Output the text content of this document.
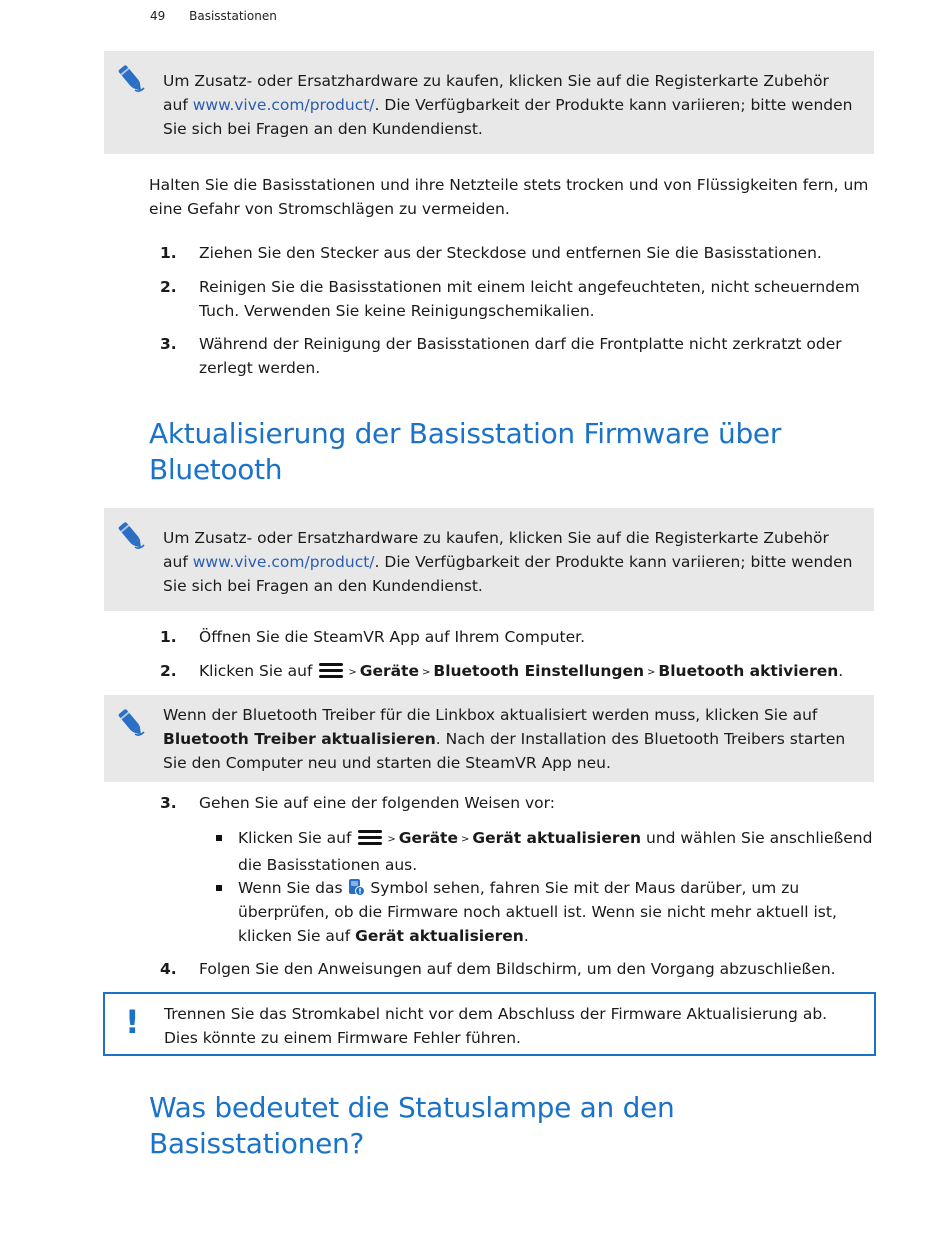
49 Basisstationen
Um Zusatz- oder Ersatzhardware zu kaufen, klicken Sie auf die Registerkarte Zubehör auf www.vive.com/product/. Die Verfügbarkeit der Produkte kann variieren; bitte wenden Sie sich bei Fragen an den Kundendienst.
Halten Sie die Basisstationen und ihre Netzteile stets trocken und von Flüssigkeiten fern, um eine Gefahr von Stromschlägen zu vermeiden.
1. Ziehen Sie den Stecker aus der Steckdose und entfernen Sie die Basisstationen.
2. Reinigen Sie die Basisstationen mit einem leicht angefeuchteten, nicht scheuerndem Tuch. Verwenden Sie keine Reinigungschemikalien.
3. Während der Reinigung der Basisstationen darf die Frontplatte nicht zerkratzt oder zerlegt werden.
Aktualisierung der Basisstation Firmware über Bluetooth
Um Zusatz- oder Ersatzhardware zu kaufen, klicken Sie auf die Registerkarte Zubehör auf www.vive.com/product/. Die Verfügbarkeit der Produkte kann variieren; bitte wenden Sie sich bei Fragen an den Kundendienst.
1. Öffnen Sie die SteamVR App auf Ihrem Computer.
2. Klicken Sie auf	> Geräte > Bluetooth Einstellungen > Bluetooth aktivieren.
Wenn der Bluetooth Treiber für die Linkbox aktualisiert werden muss, klicken Sie auf Bluetooth Treiber aktualisieren. Nach der Installation des Bluetooth Treibers starten Sie den Computer neu und starten die SteamVR App neu.
3. Gehen Sie auf eine der folgenden Weisen vor:
Klicken Sie auf	> Geräte > Gerät aktualisieren und wählen Sie anschließend die Basisstationen aus.
Wenn Sie das  Symbol sehen, fahren Sie mit der Maus darüber, um zu überprüfen, ob die Firmware noch aktuell ist. Wenn sie nicht mehr aktuell ist, klicken Sie auf Gerät aktualisieren.
4. Folgen Sie den Anweisungen auf dem Bildschirm, um den Vorgang abzuschließen.
! Trennen Sie das Stromkabel nicht vor dem Abschluss der Firmware Aktualisierung ab. Dies könnte zu einem Firmware Fehler führen.
Was bedeutet die Statuslampe an den Basisstationen?
